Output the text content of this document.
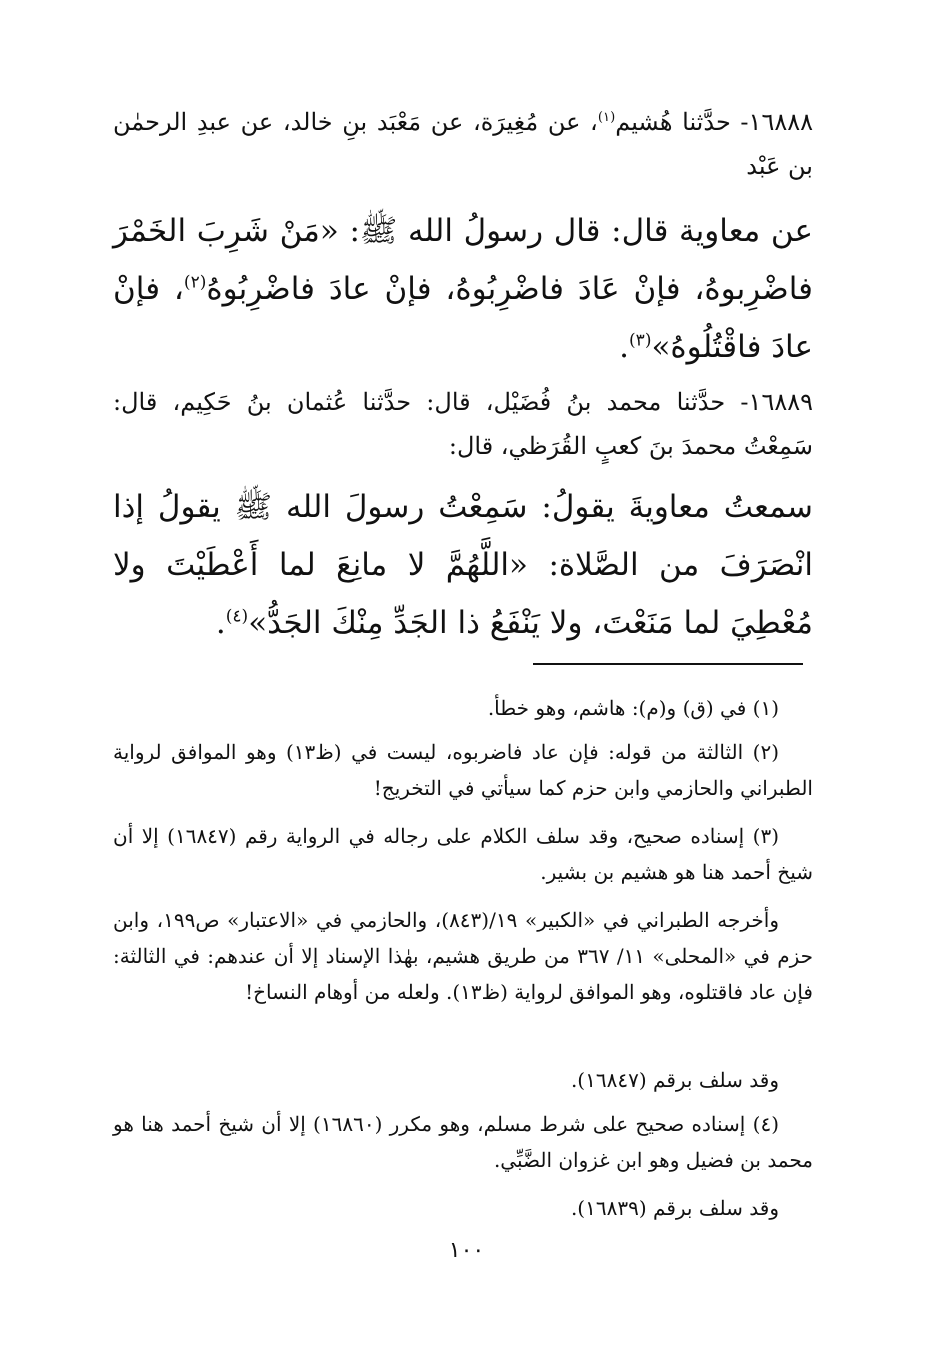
١٦٨٨٨- حدَّثنا هُشيم$^{(١)}$، عن مُغِيرَة، عن مَعْبَد بنِ خالد، عن عبدِ الرحمٰن بن عَبْد
عن معاوية قال: قال رسولُ الله ﷺ: «مَنْ شَرِبَ الخَمْرَ فاضْرِبوهُ، فإنْ عَادَ فاضْرِبُوهُ، فإنْ عادَ فاضْرِبُوهُ$^{(٢)}$، فإنْ عادَ فاقْتُلُوهُ»$^{(٣)}$.
١٦٨٨٩- حدَّثنا محمد بنُ فُضَيْل، قال: حدَّثنا عُثمان بنُ حَكِيم، قال: سَمِعْتُ محمدَ بنَ كعبٍ القُرَظي، قال:
سمعتُ معاويةَ يقولُ: سَمِعْتُ رسولَ الله ﷺ يقولُ إذا انْصَرَفَ من الصَّلاة: «اللَّهُمَّ لا مانِعَ لما أَعْطَيْتَ ولا مُعْطِيَ لما مَنَعْتَ، ولا يَنْفَعُ ذا الجَدِّ مِنْكَ الجَدُّ»$^{(٤)}$.
(١) في (ق) و(م): هاشم، وهو خطأ.
(٢) الثالثة من قوله: فإن عاد فاضربوه، ليست في (ظ١٣) وهو الموافق لرواية الطبراني والحازمي وابن حزم كما سيأتي في التخريج!
(٣) إسناده صحيح، وقد سلف الكلام على رجاله في الرواية رقم (١٦٨٤٧) إلا أن شيخ أحمد هنا هو هشيم بن بشير.
وأخرجه الطبراني في «الكبير» ١٩/(٨٤٣)، والحازمي في «الاعتبار» ص١٩٩، وابن حزم في «المحلى» ١١/ ٣٦٧ من طريق هشيم، بهٰذا الإسناد إلا أن عندهم: في الثالثة: فإن عاد فاقتلوه، وهو الموافق لرواية (ظ١٣). ولعله من أوهام النساخ!
وقد سلف برقم (١٦٨٤٧).
(٤) إسناده صحيح على شرط مسلم، وهو مكرر (١٦٨٦٠) إلا أن شيخ أحمد هنا هو محمد بن فضيل وهو ابن غزوان الضَّبِّي.
وقد سلف برقم (١٦٨٣٩).
١٠٠
